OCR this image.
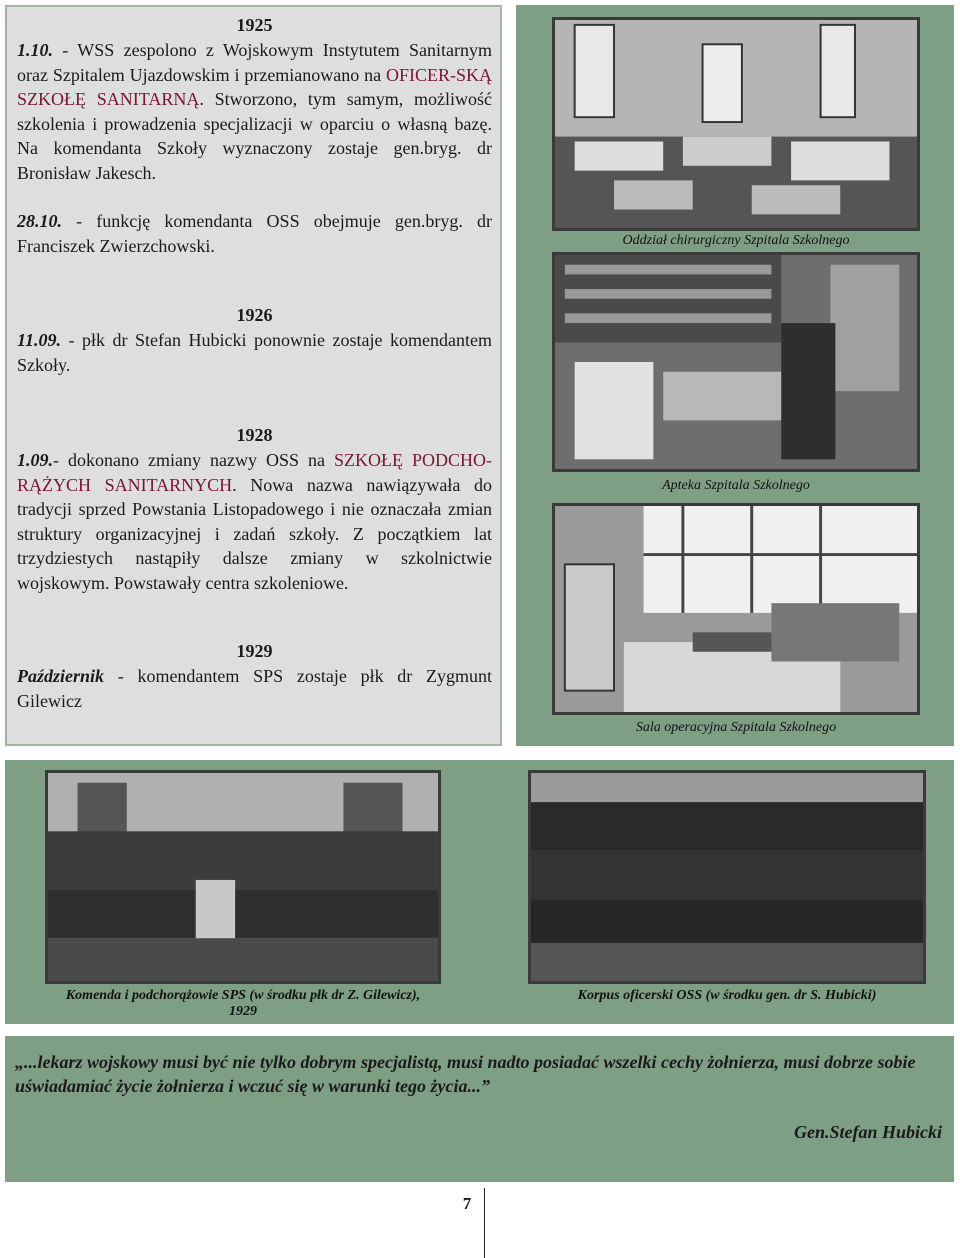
1925

1.10. - WSS zespolono z Wojskowym Instytutem Sanitarnym oraz Szpitalem Ujazdowskim i przemianowano na OFICER-SKĄ SZKOŁĘ SANITARNĄ. Stworzono, tym samym, możliwość szkolenia i prowadzenia specjalizacji w oparciu o własną bazę. Na komendanta Szkoły wyznaczony zostaje gen.bryg. dr Bronisław Jakesch.

28.10. - funkcję komendanta OSS obejmuje gen.bryg. dr Franciszek Zwierzchowski.

1926

11.09. - płk dr Stefan Hubicki ponownie zostaje komendantem Szkoły.

1928

1.09.- dokonano zmiany nazwy OSS na SZKOŁĘ PODCHO-RĄŻYCH SANITARNYCH. Nowa nazwa nawiązywała do tradycji sprzed Powstania Listopadowego i nie oznaczała zmian struktury organizacyjnej i zadań szkoły. Z początkiem lat trzydziestych nastąpiły dalsze zmiany w szkolnictwie wojskowym. Powstawały centra szkoleniowe.

1929

Październik - komendantem SPS zostaje płk dr Zygmunt Gilewicz

Oddział chirurgiczny Szpitala Szkolnego
Apteka Szpitala Szkolnego
Sala operacyjna Szpitala Szkolnego
Komenda i podchorążowie SPS (w środku płk dr Z. Gilewicz),
1929
Korpus oficerski OSS (w środku gen. dr S. Hubicki)
„...lekarz wojskowy musi być nie tylko dobrym specjalistą, musi nadto posiadać wszelki cechy żołnierza, musi dobrze sobie uświadamiać życie żołnierza i wczuć się w warunki tego życia...”
Gen.Stefan Hubicki
7
